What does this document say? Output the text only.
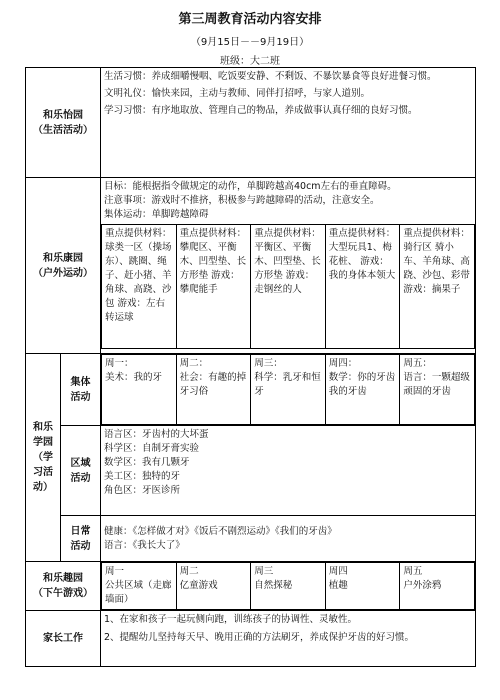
第三周教育活动内容安排
（9月15日－－9月19日）
班级：大二班
和乐怡园
（生活活动）

生活习惯：养成细嚼慢咽、吃饭要安静、不剩饭、不暴饮暴食等良好进餐习惯。
文明礼仪：愉快来园，主动与教师、同伴打招呼，与家人道别。
学习习惯：有序地取放、管理自己的物品，养成做事认真仔细的良好习惯。

和乐康园
（户外运动）

目标：能根据指令做规定的动作，单脚跨越高40cm左右的垂直障碍。
注意事项：游戏时不推挤，积极参与跨越障碍的活动，注意安全。
集体运动：单脚跨越障碍
重点提供材料：球类一区（操场东）、跳圈、绳子、赶小猪、羊角球、高跷、沙包 游戏：左右转运球	重点提供材料：攀爬区、平衡木、凹型垫、长方形垫 游戏：攀爬能手	重点提供材料：平衡区、平衡木、凹型垫、长方形垫 游戏：走钢丝的人	重点提供材料：大型玩具1、梅花桩、 游戏： 我的身体本领大	重点提供材料：骑行区 骑小车、羊角球、高跷、沙包、彩带 游戏：摘果子

和乐
学园
（学
习活
动）

集体
活动

周一：
美术：我的牙	周二：
社会：有趣的掉牙习俗	周三：
科学：乳牙和恒牙	周四：
数学：你的牙齿我的牙齿	周五：
语言：一颗超级顽固的牙齿

区域
活动

语言区：牙齿村的大坏蛋
科学区：自制牙膏实验
数学区：我有几颗牙
美工区：独特的牙
角色区：牙医诊所

日常
活动

健康：《怎样做才对》《饭后不剧烈运动》《我们的牙齿》
语言：《我长大了》

和乐趣园
（下午游戏）

周一
公共区域（走廊墙面）	周二
亿童游戏	周三
自然探秘	周四
植趣	周五
户外涂鸦

家长工作	
1、在家和孩子一起玩侧向跑，训练孩子的协调性、灵敏性。
2、提醒幼儿坚持每天早、晚用正确的方法刷牙，养成保护牙齿的好习惯。
